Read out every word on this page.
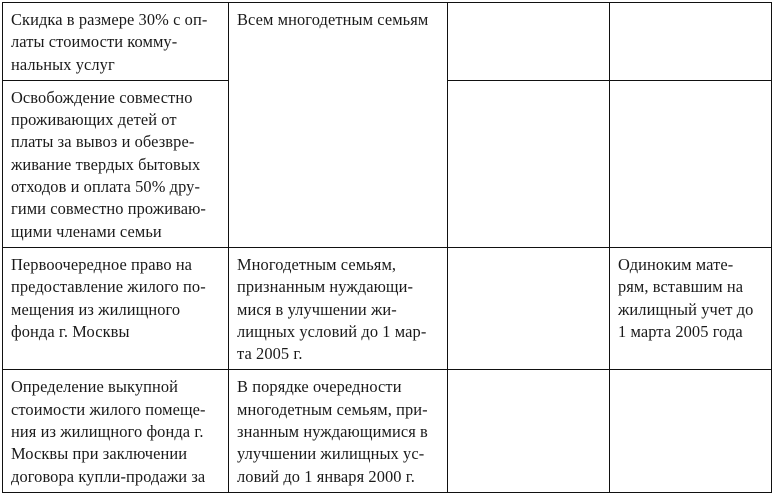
Скидка в размере 30% с оп-
латы стоимости комму-
нальных услуг	Всем многодетным семьям		

Освобождение совместно
проживающих детей от
платы за вывоз и обезвре-
живание твердых бытовых
отходов и оплата 50% дру-
гими совместно проживаю-
щими членами семьи

Первоочередное право на
предоставление жилого по-
мещения из жилищного
фонда г. Москвы	Многодетным семьям,
признанным нуждающи-
мися в улучшении жи-
лищных условий до 1 мар-
та 2005 г.		Одиноким мате-
рям, вставшим на
жилищный учет до
1 марта 2005 года

Определение выкупной
стоимости жилого помеще-
ния из жилищного фонда г.
Москвы при заключении
договора купли-продажи за	В порядке очередности
многодетным семьям, при-
знанным нуждающимися в
улучшении жилищных ус-
ловий до 1 января 2000 г.		
